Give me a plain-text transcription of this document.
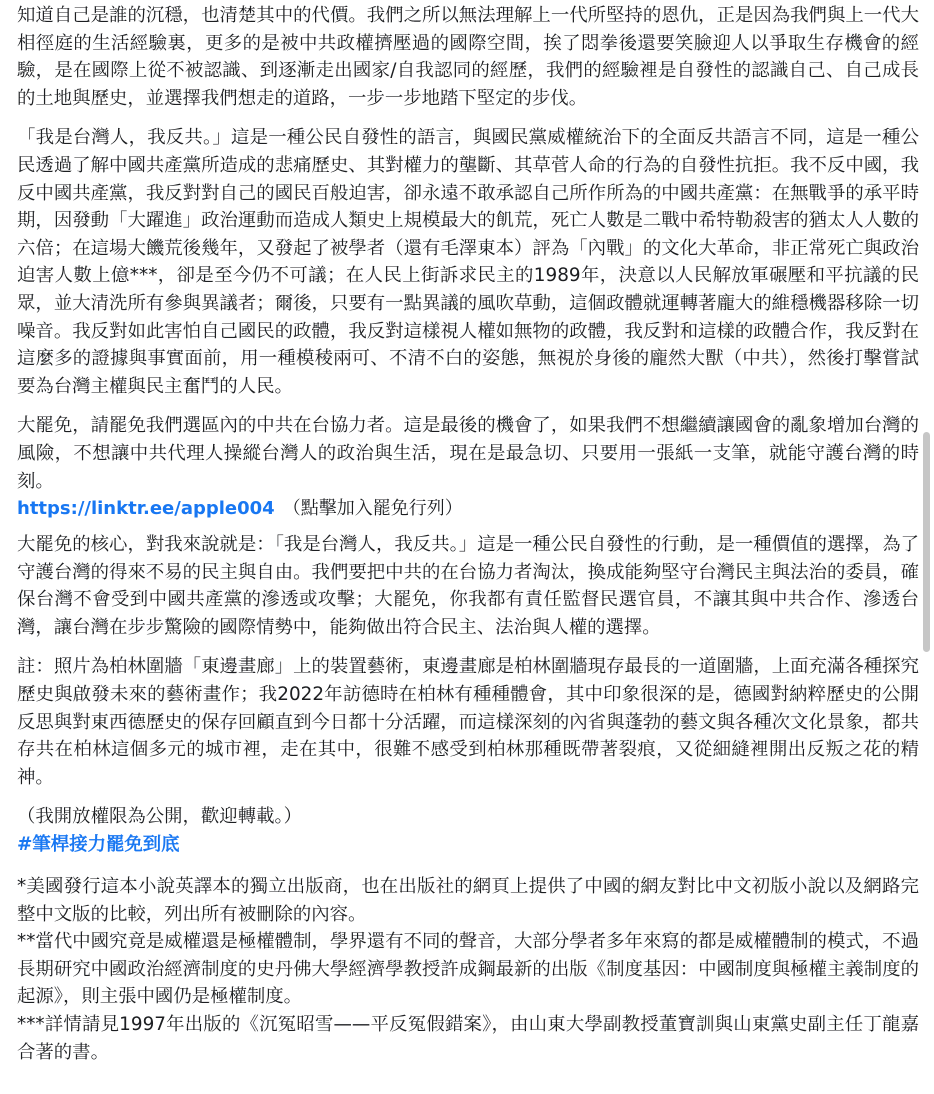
知道自己是誰的沉穩，也清楚其中的代價。我們之所以無法理解上一代所堅持的恩仇，正是因為我們與上一代大相徑庭的生活經驗裏，更多的是被中共政權擠壓過的國際空間，挨了悶拳後還要笑臉迎人以爭取生存機會的經驗，是在國際上從不被認識、到逐漸走出國家/自我認同的經歷，我們的經驗裡是自發性的認識自己、自己成長的土地與歷史，並選擇我們想走的道路，一步一步地踏下堅定的步伐。

「我是台灣人，我反共。」這是一種公民自發性的語言，與國民黨威權統治下的全面反共語言不同，這是一種公民透過了解中國共產黨所造成的悲痛歷史、其對權力的壟斷、其草菅人命的行為的自發性抗拒。我不反中國，我反中國共產黨，我反對對自己的國民百般迫害，卻永遠不敢承認自己所作所為的中國共產黨：在無戰爭的承平時期，因發動「大躍進」政治運動而造成人類史上規模最大的飢荒，死亡人數是二戰中希特勒殺害的猶太人人數的六倍；在這場大饑荒後幾年，又發起了被學者（還有毛澤東本）評為「內戰」的文化大革命，非正常死亡與政治迫害人數上億***，卻是至今仍不可議；在人民上街訴求民主的1989年，決意以人民解放軍碾壓和平抗議的民眾，並大清洗所有參與異議者；爾後，只要有一點異議的風吹草動，這個政體就運轉著龐大的維穩機器移除一切噪音。我反對如此害怕自己國民的政體，我反對這樣視人權如無物的政體，我反對和這樣的政體合作，我反對在這麼多的證據與事實面前，用一種模稜兩可、不清不白的姿態，無視於身後的龐然大獸（中共），然後打擊嘗試要為台灣主權與民主奮鬥的人民。

大罷免，請罷免我們選區內的中共在台協力者。這是最後的機會了，如果我們不想繼續讓國會的亂象增加台灣的風險，不想讓中共代理人操縱台灣人的政治與生活，現在是最急切、只要用一張紙一支筆，就能守護台灣的時刻。

https://linktr.ee/apple004 （點擊加入罷免行列）

大罷免的核心，對我來說就是：「我是台灣人，我反共。」這是一種公民自發性的行動，是一種價值的選擇，為了守護台灣的得來不易的民主與自由。我們要把中共的在台協力者淘汰，換成能夠堅守台灣民主與法治的委員，確保台灣不會受到中國共產黨的滲透或攻擊；大罷免，你我都有責任監督民選官員，不讓其與中共合作、滲透台灣，讓台灣在步步驚險的國際情勢中，能夠做出符合民主、法治與人權的選擇。

註：照片為柏林圍牆「東邊畫廊」上的裝置藝術，東邊畫廊是柏林圍牆現存最長的一道圍牆，上面充滿各種探究歷史與啟發未來的藝術畫作；我2022年訪德時在柏林有種種體會，其中印象很深的是，德國對納粹歷史的公開反思與對東西德歷史的保存回顧直到今日都十分活躍，而這樣深刻的內省與蓬勃的藝文與各種次文化景象，都共存共在柏林這個多元的城市裡，走在其中，很難不感受到柏林那種既帶著裂痕，又從細縫裡開出反叛之花的精神。

（我開放權限為公開，歡迎轉載。）

#筆桿接力罷免到底

*美國發行這本小說英譯本的獨立出版商，也在出版社的網頁上提供了中國的網友對比中文初版小說以及網路完整中文版的比較，列出所有被刪除的內容。

**當代中國究竟是威權還是極權體制，學界還有不同的聲音，大部分學者多年來寫的都是威權體制的模式，不過長期研究中國政治經濟制度的史丹佛大學經濟學教授許成鋼最新的出版《制度基因：中國制度與極權主義制度的起源》，則主張中國仍是極權制度。

***詳情請見1997年出版的《沉冤昭雪——平反冤假錯案》，由山東大學副教授董寶訓與山東黨史副主任丁龍嘉合著的書。
